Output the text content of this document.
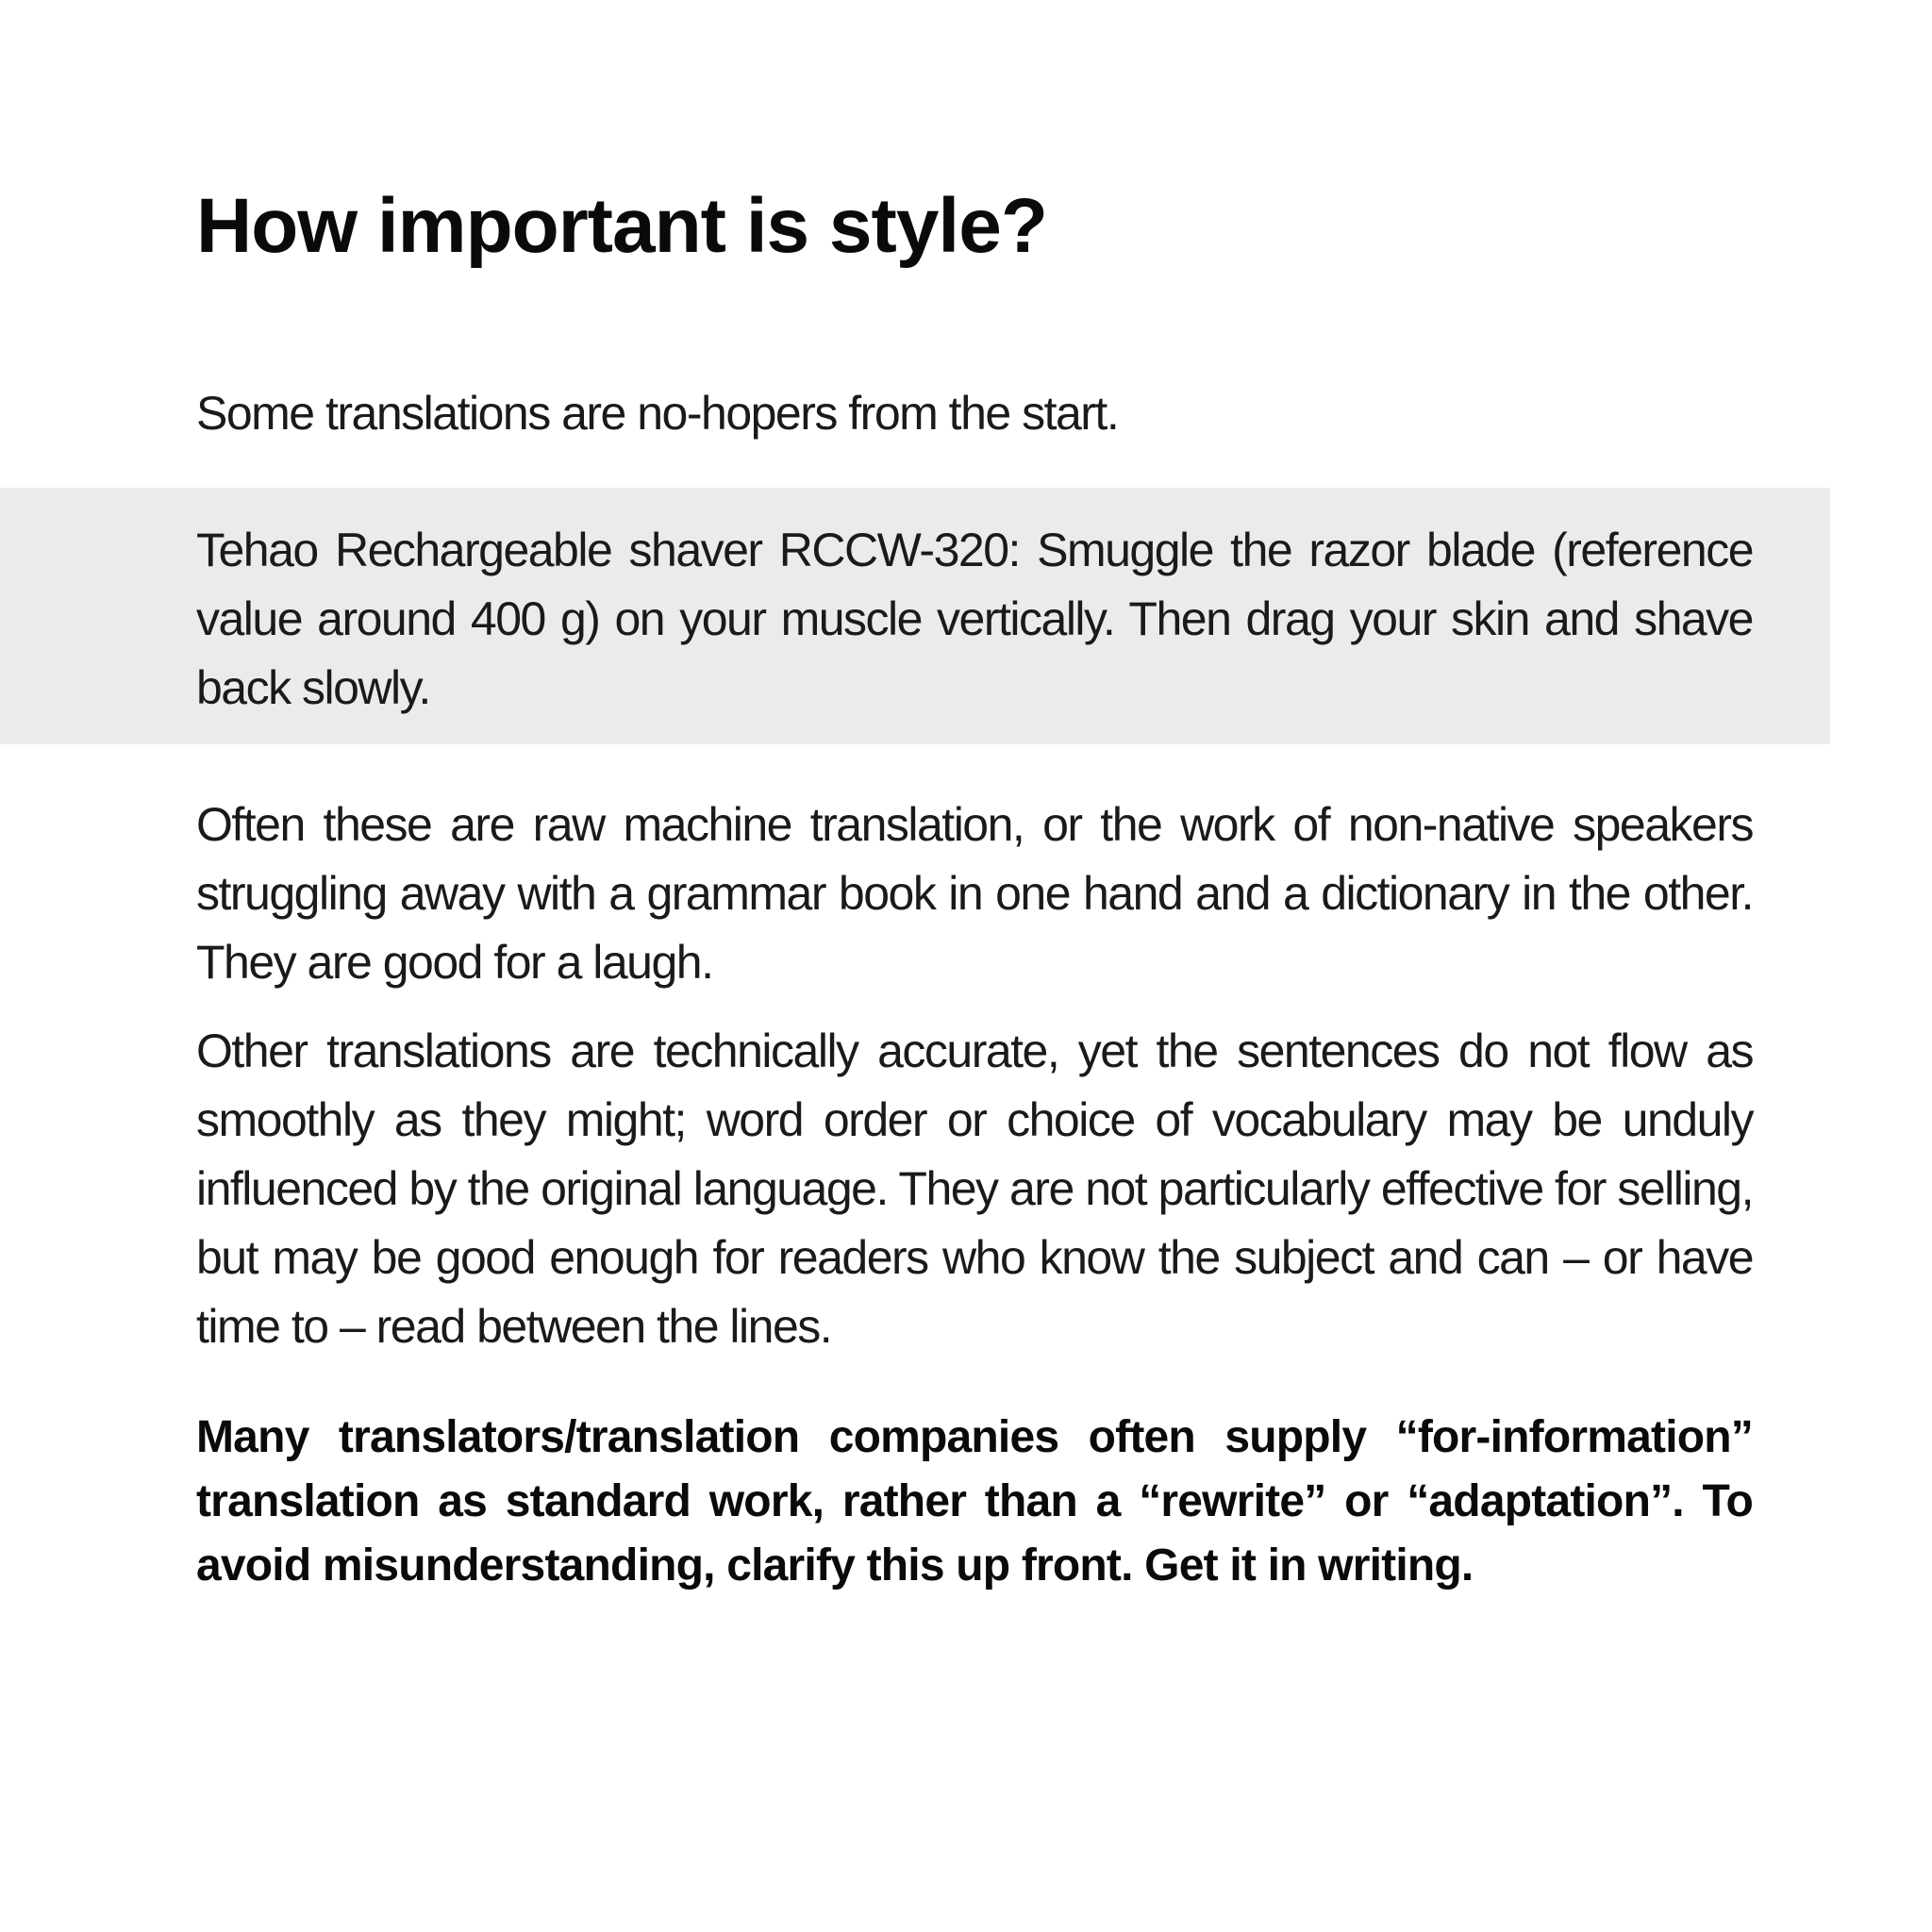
How important is style?

Some translations are no-hopers from the start.

Tehao Rechargeable shaver RCCW-320: Smuggle the razor blade (reference value around 400 g) on your muscle vertically. Then drag your skin and shave back slowly.

Often these are raw machine translation, or the work of non-native speakers struggling away with a grammar book in one hand and a dictionary in the other. They are good for a laugh.

Other translations are technically accurate, yet the sentences do not flow as smoothly as they might; word order or choice of vocabulary may be unduly influenced by the original language. They are not particularly effective for selling, but may be good enough for readers who know the subject and can – or have time to – read between the lines.

Many translators/translation companies often supply “for-information” translation as standard work, rather than a “rewrite” or “adaptation”. To avoid misunderstanding, clarify this up front. Get it in writing.
